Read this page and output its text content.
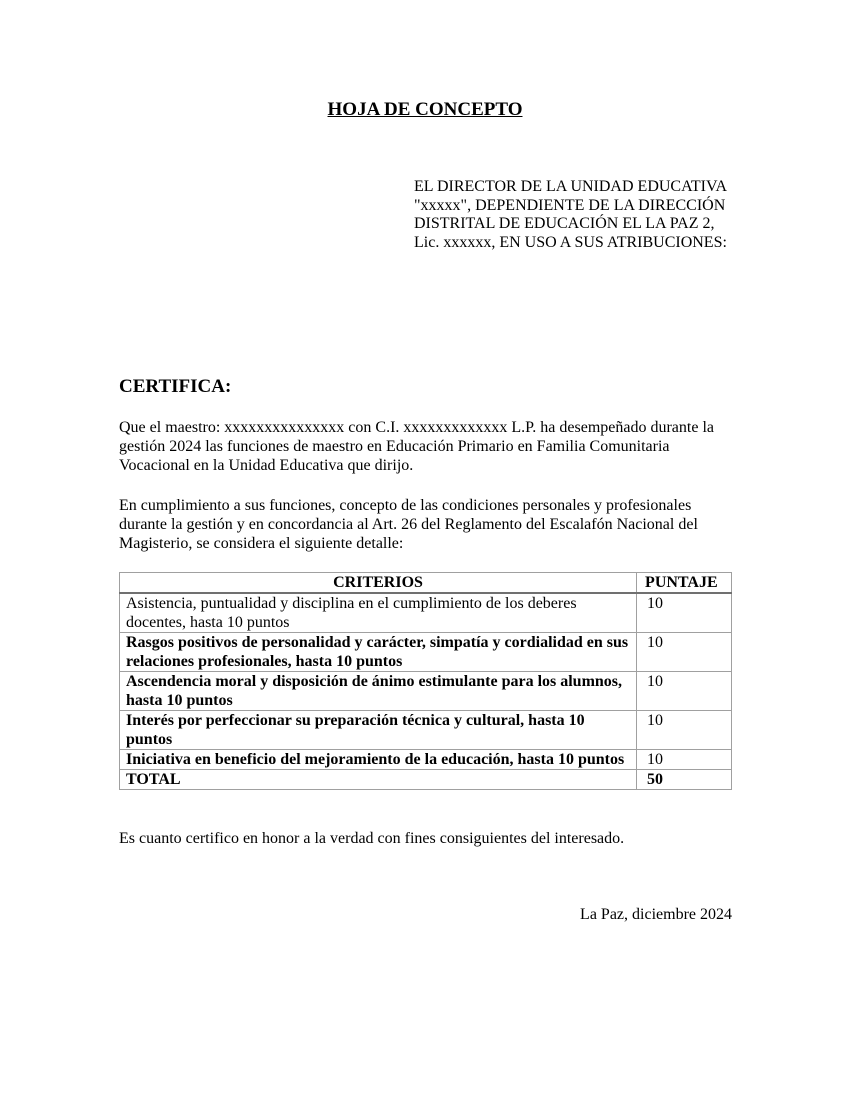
HOJA DE CONCEPTO

EL DIRECTOR DE LA UNIDAD EDUCATIVA "xxxxx", DEPENDIENTE DE LA DIRECCIÓN DISTRITAL DE EDUCACIÓN EL LA PAZ 2, Lic. xxxxxx, EN USO A SUS ATRIBUCIONES:

CERTIFICA:

Que el maestro: xxxxxxxxxxxxxxx con C.I. xxxxxxxxxxxxx L.P. ha desempeñado durante la gestión 2024 las funciones de maestro en Educación Primario en Familia Comunitaria Vocacional en la Unidad Educativa que dirijo.

En cumplimiento a sus funciones, concepto de las condiciones personales y profesionales durante la gestión y en concordancia al Art. 26 del Reglamento del Escalafón Nacional del Magisterio, se considera el siguiente detalle:

CRITERIOS	PUNTAJE
Asistencia, puntualidad y disciplina en el cumplimiento de los deberes docentes, hasta 10 puntos	10
Rasgos positivos de personalidad y carácter, simpatía y cordialidad en sus relaciones profesionales, hasta 10 puntos	10
Ascendencia moral y disposición de ánimo estimulante para los alumnos, hasta 10 puntos	10
Interés por perfeccionar su preparación técnica y cultural, hasta 10 puntos	10
Iniciativa en beneficio del mejoramiento de la educación, hasta 10 puntos	10
TOTAL	50

Es cuanto certifico en honor a la verdad con fines consiguientes del interesado.

La Paz, diciembre 2024
